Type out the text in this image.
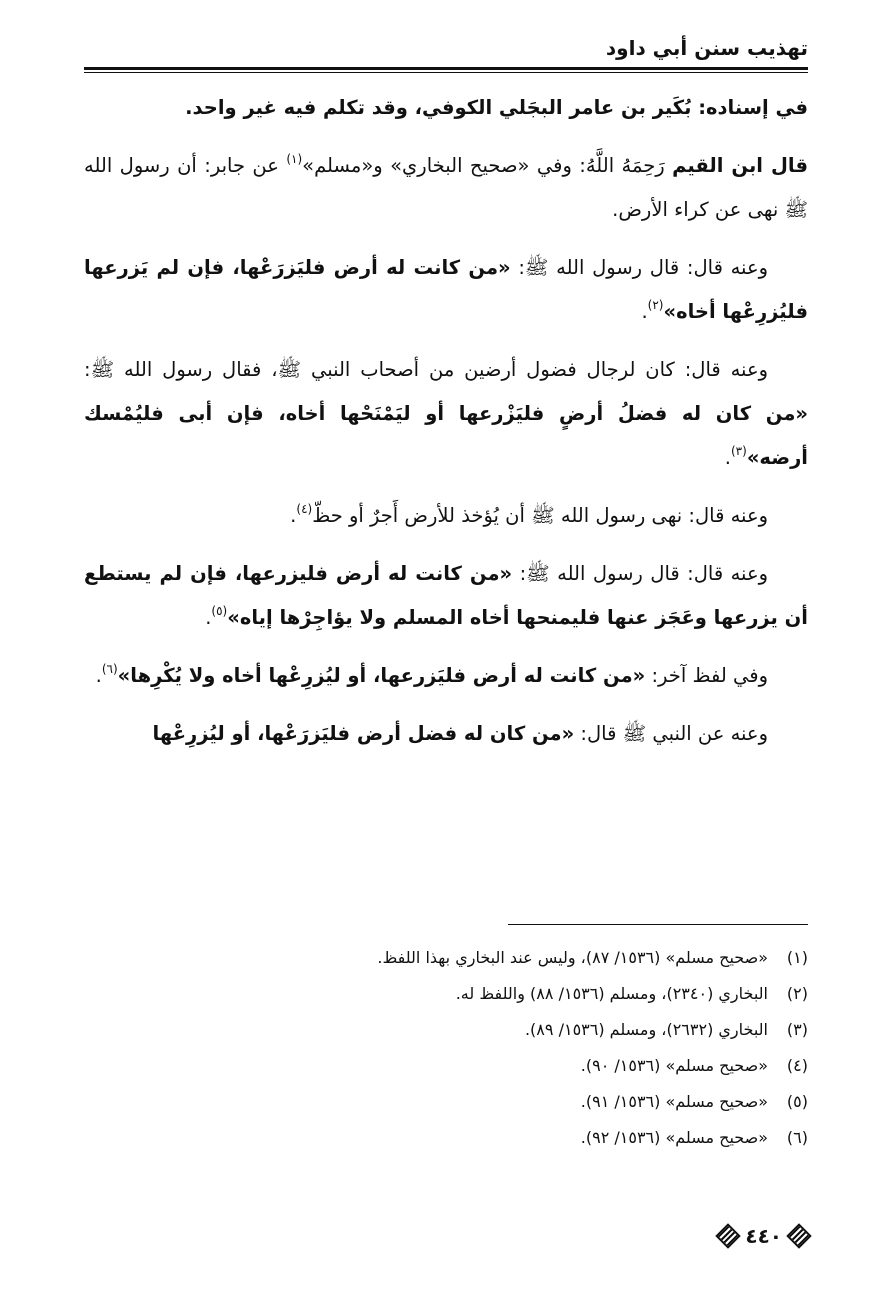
تهذيب سنن أبي داود

في إسناده: بُكَير بن عامر البجَلي الكوفي، وقد تكلم فيه غير واحد.

قال ابن القيم رَحِمَهُ اللَّهُ: وفي «صحيح البخاري» و«مسلم»$^{(١)}$ عن جابر: أن رسول الله ﷺ نهى عن كراء الأرض.

وعنه قال: قال رسول الله ﷺ: «من كانت له أرض فليَزرَعْها، فإن لم يَزرعها فليُزرِعْها أخاه»$^{(٢)}$.

وعنه قال: كان لرجال فضول أرضين من أصحاب النبي ﷺ، فقال رسول الله ﷺ: «من كان له فضلُ أرضٍ فليَزْرعها أو ليَمْنَحْها أخاه، فإن أبى فليُمْسك أرضه»$^{(٣)}$.

وعنه قال: نهى رسول الله ﷺ أن يُؤخذ للأرض أَجرٌ أو حظّ$^{(٤)}$.

وعنه قال: قال رسول الله ﷺ: «من كانت له أرض فليزرعها، فإن لم يستطع أن يزرعها وعَجَز عنها فليمنحها أخاه المسلم ولا يؤاجِرْها إياه»$^{(٥)}$.

وفي لفظ آخر: «من كانت له أرض فليَزرعها، أو ليُزرِعْها أخاه ولا يُكْرِها»$^{(٦)}$.

وعنه عن النبي ﷺ قال: «من كان له فضل أرض فليَزرَعْها، أو ليُزرِعْها

(١)
«صحيح مسلم» (١٥٣٦/ ٨٧)، وليس عند البخاري بهذا اللفظ.
(٢)
البخاري (٢٣٤٠)، ومسلم (١٥٣٦/ ٨٨) واللفظ له.
(٣)
البخاري (٢٦٣٢)، ومسلم (١٥٣٦/ ٨٩).
(٤)
«صحيح مسلم» (١٥٣٦/ ٩٠).
(٥)
«صحيح مسلم» (١٥٣٦/ ٩١).
(٦)
«صحيح مسلم» (١٥٣٦/ ٩٢).
٤٤٠
